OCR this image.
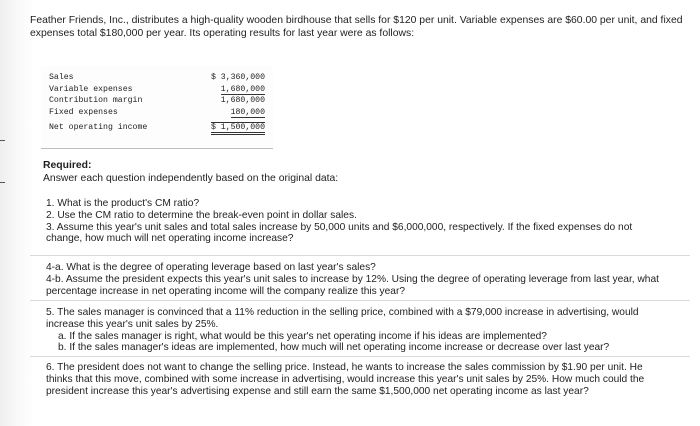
Feather Friends, Inc., distributes a high-quality wooden birdhouse that sells for $120 per unit. Variable expenses are $60.00 per unit, and fixed expenses total $180,000 per year. Its operating results for last year were as follows:

Sales	$ 3,360,000
Variable expenses	1,680,000
Contribution margin	1,680,000
Fixed expenses	180,000
Net operating income	$ 1,500,000
Required:
Answer each question independently based on the original data:

1. What is the product's CM ratio?

2. Use the CM ratio to determine the break-even point in dollar sales.

3. Assume this year's unit sales and total sales increase by 50,000 units and $6,000,000, respectively. If the fixed expenses do not change, how much will net operating income increase?

4-a. What is the degree of operating leverage based on last year's sales?

4-b. Assume the president expects this year's unit sales to increase by 12%. Using the degree of operating leverage from last year, what percentage increase in net operating income will the company realize this year?

5. The sales manager is convinced that a 11% reduction in the selling price, combined with a $79,000 increase in advertising, would increase this year's unit sales by 25%.

a. If the sales manager is right, what would be this year's net operating income if his ideas are implemented?

b. If the sales manager's ideas are implemented, how much will net operating income increase or decrease over last year?

6. The president does not want to change the selling price. Instead, he wants to increase the sales commission by $1.90 per unit. He thinks that this move, combined with some increase in advertising, would increase this year's unit sales by 25%. How much could the president increase this year's advertising expense and still earn the same $1,500,000 net operating income as last year?
